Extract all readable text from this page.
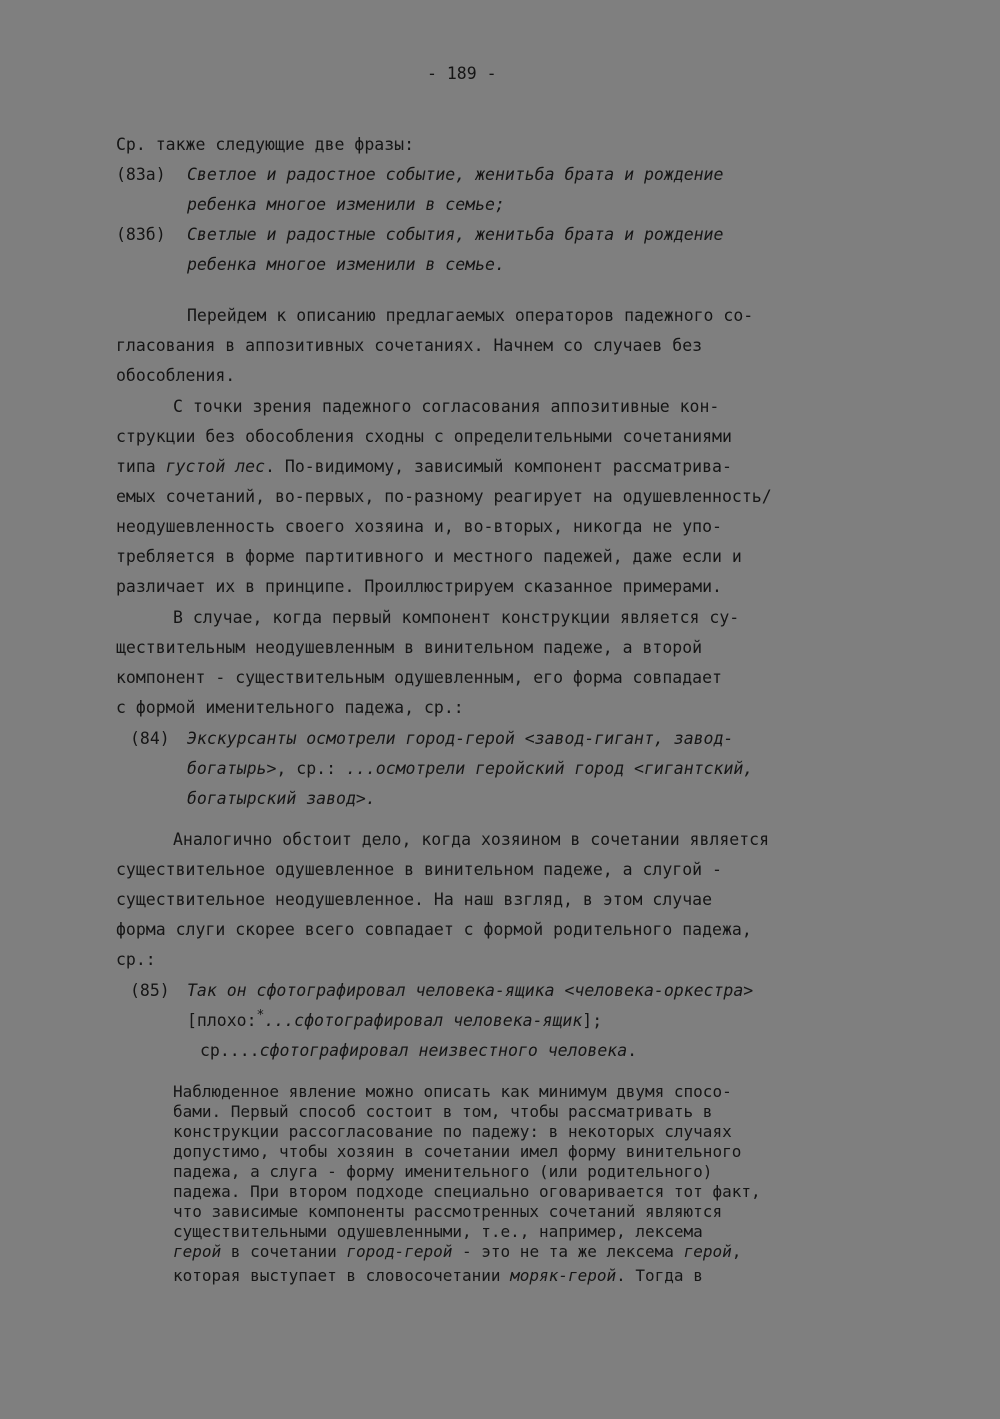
- 189 -
Ср. также следующие две фразы:
(83а) Светлое и радостное событие, женитьба брата и рождение
ребенка многое изменили в семье;
(83б) Светлые и радостные события, женитьба брата и рождение
ребенка многое изменили в семье.
Перейдем к описанию предлагаемых операторов падежного со-
гласования в аппозитивных сочетаниях. Начнем со случаев без
обособления.
С точки зрения падежного согласования аппозитивные кон-
струкции без обособления сходны с определительными сочетаниями
типа густой лес. По-видимому, зависимый компонент рассматрива-
емых сочетаний, во-первых, по-разному реагирует на одушевленность/
неодушевленность своего хозяина и, во-вторых, никогда не упо-
требляется в форме партитивного и местного падежей, даже если и
различает их в принципе. Проиллюстрируем сказанное примерами.
В случае, когда первый компонент конструкции является су-
ществительным неодушевленным в винительном падеже, а второй
компонент - существительным одушевленным, его форма совпадает
с формой именительного падежа, ср.:
(84) Экскурсанты осмотрели город-герой <завод-гигант, завод-
богатырь>, ср.: ...осмотрели геройский город <гигантский,
богатырский завод>.
Аналогично обстоит дело, когда хозяином в сочетании является
существительное одушевленное в винительном падеже, а слугой -
существительное неодушевленное. На наш взгляд, в этом случае
форма слуги скорее всего совпадает с формой родительного падежа,
ср.:
(85) Так он сфотографировал человека-ящика <человека-оркестра>
[плохо:*...сфотографировал человека-ящик];
ср....сфотографировал неизвестного человека.
Наблюденное явление можно описать как минимум двумя спосо-
бами. Первый способ состоит в том, чтобы рассматривать в
конструкции рассогласование по падежу: в некоторых случаях
допустимо, чтобы хозяин в сочетании имел форму винительного
падежа, а слуга - форму именительного (или родительного)
падежа. При втором подходе специально оговаривается тот факт,
что зависимые компоненты рассмотренных сочетаний являются
существительными одушевленными, т.е., например, лексема
герой в сочетании город-герой - это не та же лексема герой,
которая выступает в словосочетании моряк-герой. Тогда в
